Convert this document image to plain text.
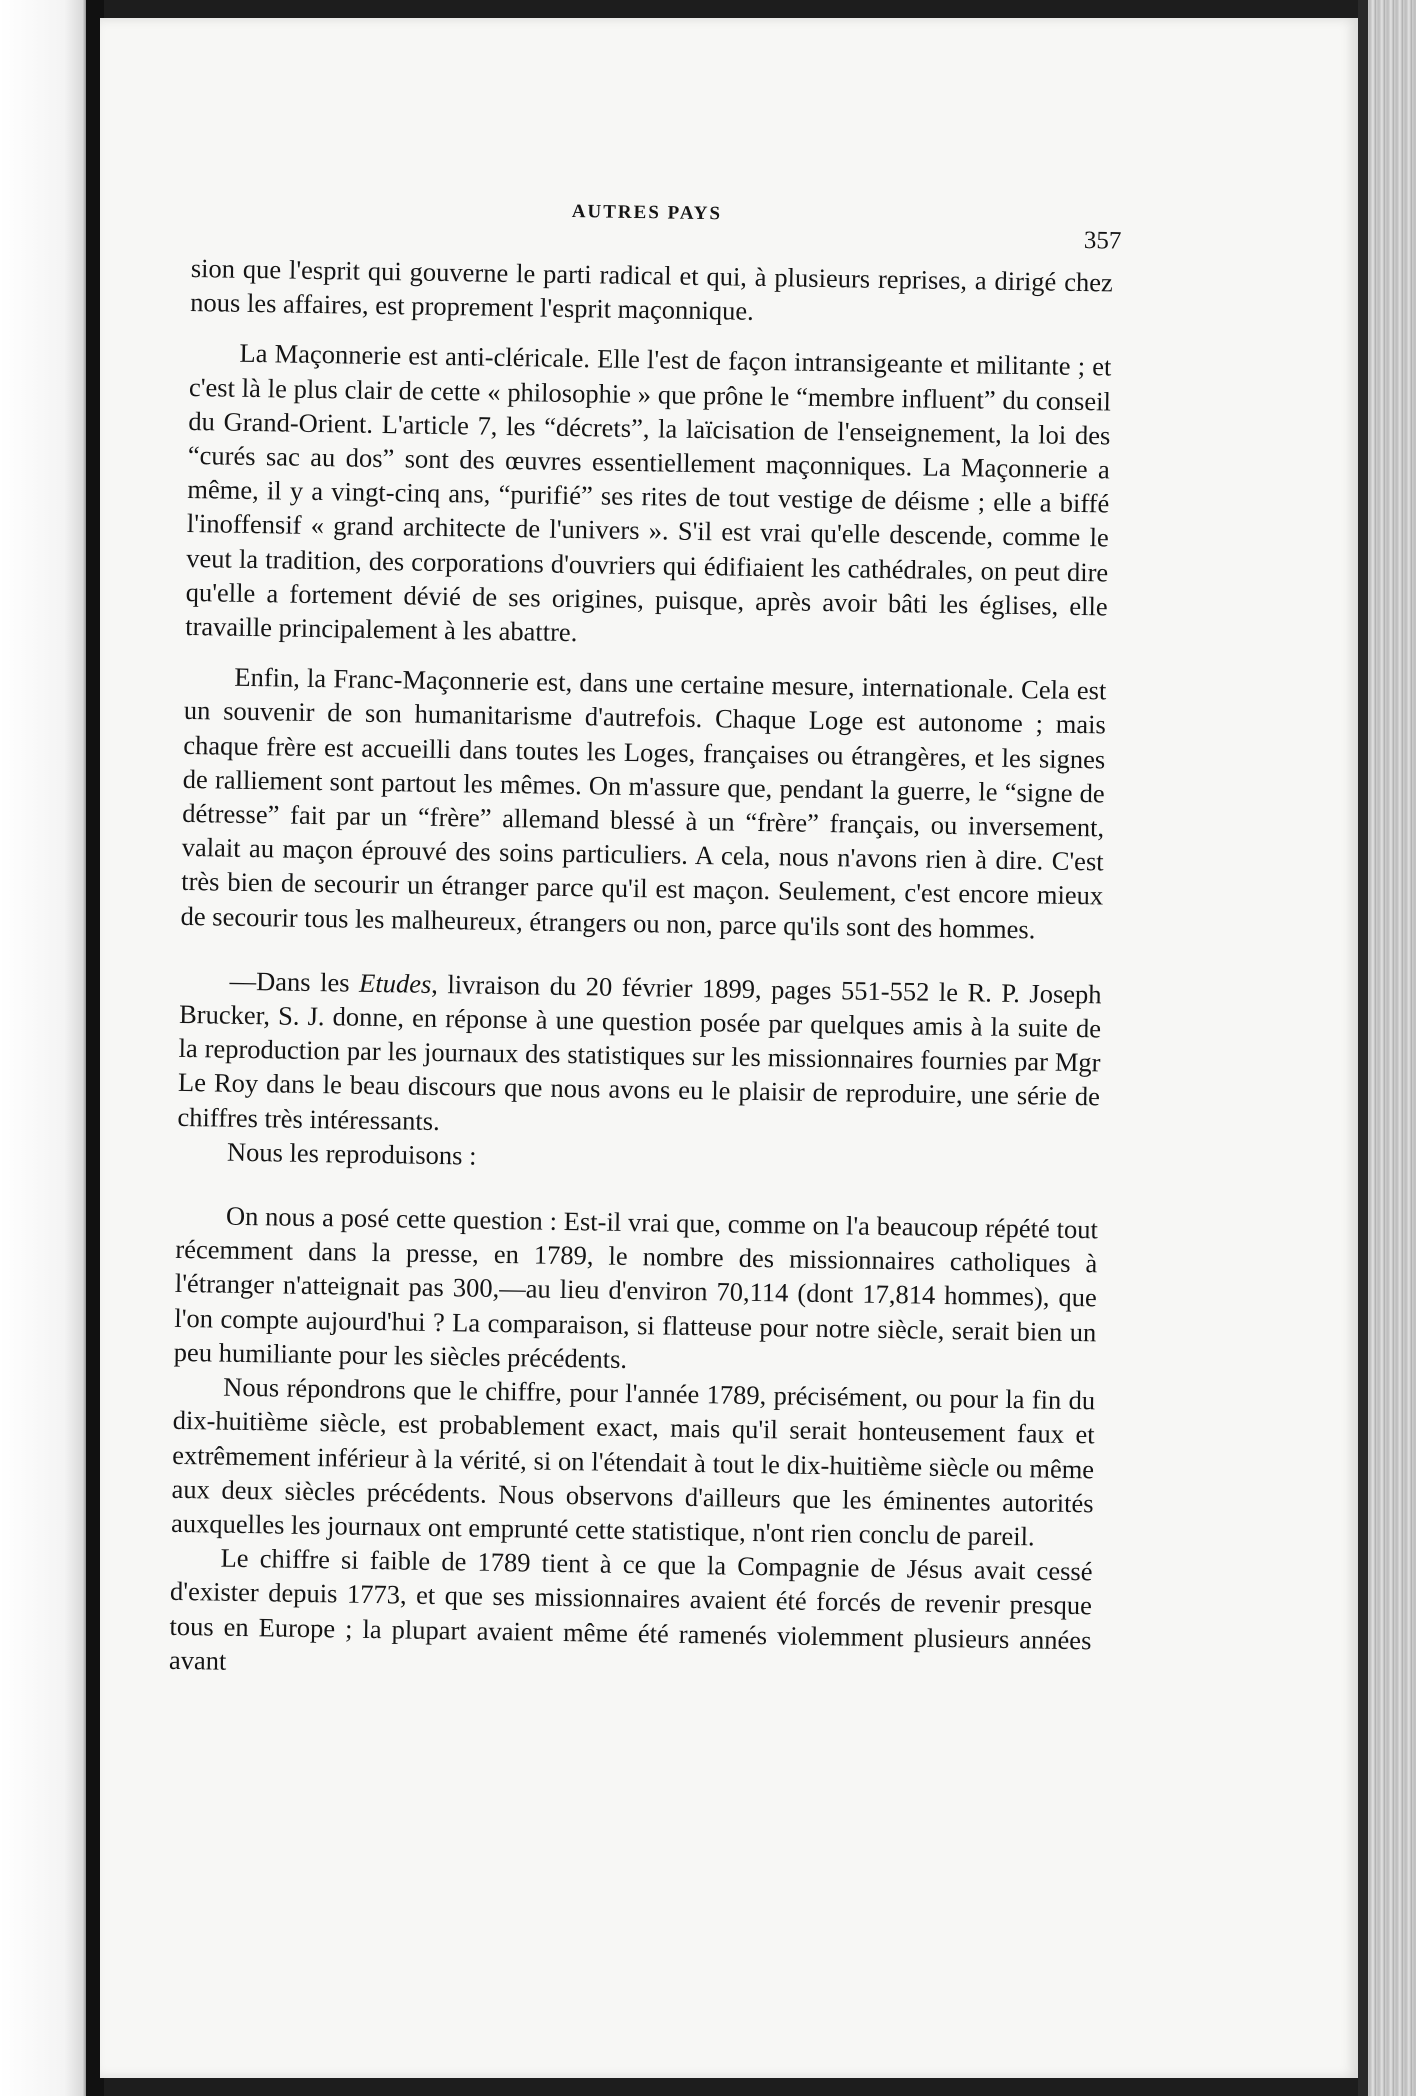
AUTRES PAYS
357

sion que l'esprit qui gouverne le parti radical et qui, à plusieurs reprises, a dirigé chez nous les affaires, est proprement l'esprit maçonnique.

La Maçonnerie est anti-cléricale. Elle l'est de façon intransigeante et militante ; et c'est là le plus clair de cette « philosophie » que prône le “membre influent” du conseil du Grand-Orient. L'article 7, les “décrets”, la laïcisation de l'enseignement, la loi des “curés sac au dos” sont des œuvres essentiellement maçonniques. La Maçonnerie a même, il y a vingt-cinq ans, “purifié” ses rites de tout vestige de déisme ; elle a biffé l'inoffensif « grand architecte de l'univers ». S'il est vrai qu'elle descende, comme le veut la tradition, des corporations d'ouvriers qui édifiaient les cathédrales, on peut dire qu'elle a fortement dévié de ses origines, puisque, après avoir bâti les églises, elle travaille principalement à les abattre.

Enfin, la Franc-Maçonnerie est, dans une certaine mesure, internationale. Cela est un souvenir de son humanitarisme d'autrefois. Chaque Loge est autonome ; mais chaque frère est accueilli dans toutes les Loges, françaises ou étrangères, et les signes de ralliement sont partout les mêmes. On m'assure que, pendant la guerre, le “signe de détresse” fait par un “frère” allemand blessé à un “frère” français, ou inversement, valait au maçon éprouvé des soins particuliers. A cela, nous n'avons rien à dire. C'est très bien de secourir un étranger parce qu'il est maçon. Seulement, c'est encore mieux de secourir tous les malheureux, étrangers ou non, parce qu'ils sont des hommes.

—Dans les Etudes, livraison du 20 février 1899, pages 551-552 le R. P. Joseph Brucker, S. J. donne, en réponse à une question posée par quelques amis à la suite de la reproduction par les journaux des statistiques sur les missionnaires fournies par Mgr Le Roy dans le beau discours que nous avons eu le plaisir de reproduire, une série de chiffres très intéressants.

Nous les reproduisons :

On nous a posé cette question : Est-il vrai que, comme on l'a beaucoup répété tout récemment dans la presse, en 1789, le nombre des missionnaires catholiques à l'étranger n'atteignait pas 300,—au lieu d'environ 70,114 (dont 17,814 hommes), que l'on compte aujourd'hui ? La comparaison, si flatteuse pour notre siècle, serait bien un peu humiliante pour les siècles précédents.

Nous répondrons que le chiffre, pour l'année 1789, précisément, ou pour la fin du dix-huitième siècle, est probablement exact, mais qu'il serait honteusement faux et extrêmement inférieur à la vérité, si on l'étendait à tout le dix-huitième siècle ou même aux deux siècles précédents. Nous observons d'ailleurs que les éminentes autorités auxquelles les journaux ont emprunté cette statistique, n'ont rien conclu de pareil.

Le chiffre si faible de 1789 tient à ce que la Compagnie de Jésus avait cessé d'exister depuis 1773, et que ses missionnaires avaient été forcés de revenir presque tous en Europe ; la plupart avaient même été ramenés violemment plusieurs années avant
